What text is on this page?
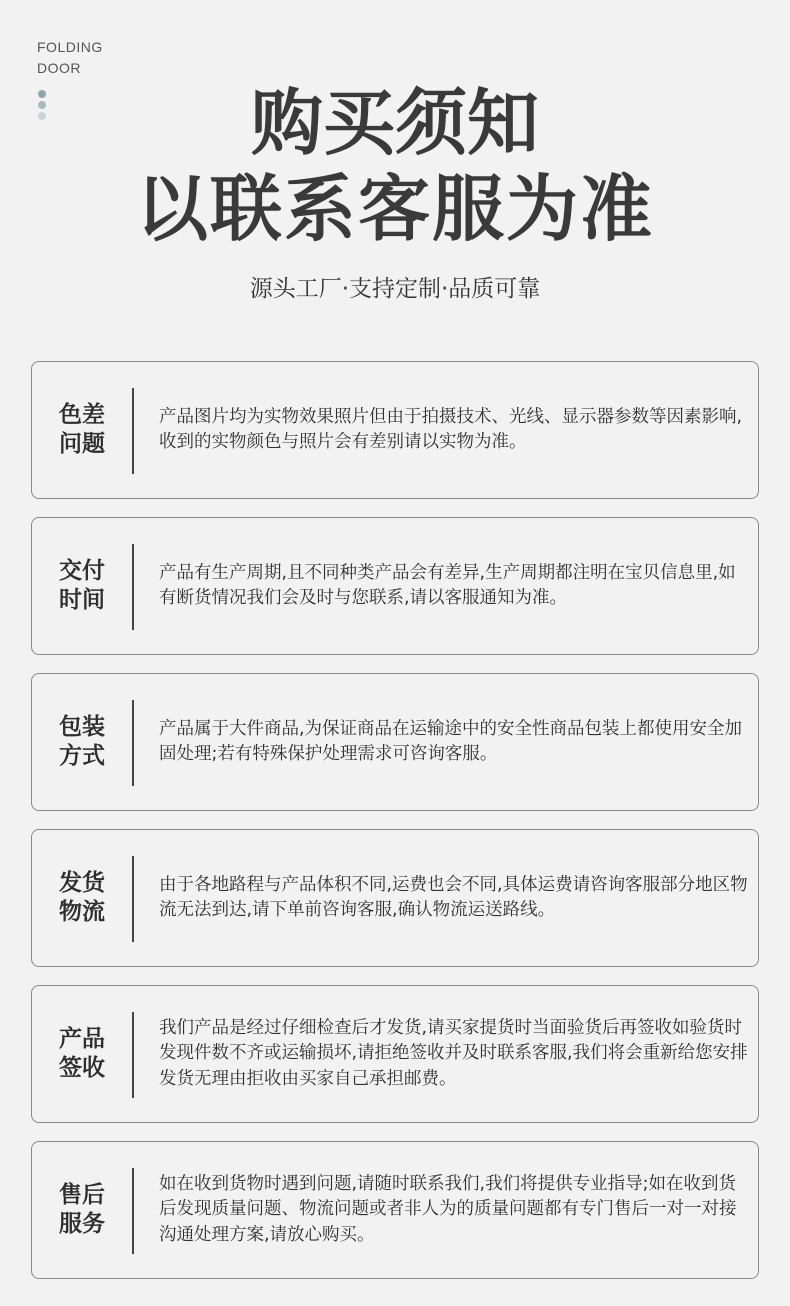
FOLDING
DOOR
购买须知
以联系客服为准

源头工厂·支持定制·品质可靠

色差
问题
产品图片均为实物效果照片但由于拍摄技术、光线、显示器参数等因素影响,收到的实物颜色与照片会有差别请以实物为准。
交付
时间
产品有生产周期,且不同种类产品会有差异,生产周期都注明在宝贝信息里,如有断货情况我们会及时与您联系,请以客服通知为准。
包装
方式
产品属于大件商品,为保证商品在运输途中的安全性商品包装上都使用安全加固处理;若有特殊保护处理需求可咨询客服。
发货
物流
由于各地路程与产品体积不同,运费也会不同,具体运费请咨询客服部分地区物流无法到达,请下单前咨询客服,确认物流运送路线。
产品
签收
我们产品是经过仔细检查后才发货,请买家提货时当面验货后再签收如验货时发现件数不齐或运输损坏,请拒绝签收并及时联系客服,我们将会重新给您安排发货无理由拒收由买家自己承担邮费。
售后
服务
如在收到货物时遇到问题,请随时联系我们,我们将提供专业指导;如在收到货后发现质量问题、物流问题或者非人为的质量问题都有专门售后一对一对接沟通处理方案,请放心购买。
